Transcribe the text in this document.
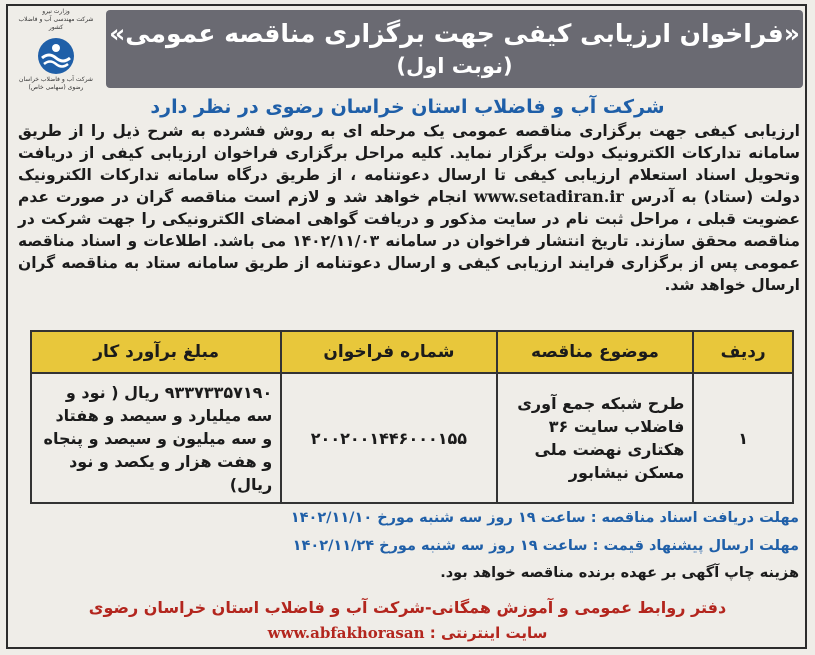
وزارت نیرو
شرکت مهندسی آب و فاضلاب کشور
شرکت آب و فاضلاب خراسان رضوی (سهامی خاص)
«فراخوان ارزیابی کیفی جهت برگزاری مناقصه عمومی»
(نوبت اول)
شرکت آب و فاضلاب استان خراسان رضوی در نظر دارد
ارزیابی کیفی جهت برگزاری مناقصه عمومی یک مرحله ای به روش فشرده به شرح ذیل را از طریق سامانه تدارکات الکترونیک دولت برگزار نماید. کلیه مراحل برگزاری فراخوان ارزیابی کیفی از دریافت وتحویل اسناد استعلام ارزیابی کیفی تا ارسال دعوتنامه ، از طریق درگاه سامانه تدارکات الکترونیک دولت (ستاد) به آدرس www.setadiran.ir انجام خواهد شد و لازم است مناقصه گران در صورت عدم عضویت قبلی ، مراحل ثبت نام در سایت مذکور و دریافت گواهی امضای الکترونیکی را جهت شرکت در مناقصه محقق سازند. تاریخ انتشار فراخوان در سامانه ۱۴۰۲/۱۱/۰۳ می باشد. اطلاعات و اسناد مناقصه عمومی پس از برگزاری فرایند ارزیابی کیفی و ارسال دعوتنامه از طریق سامانه ستاد به مناقصه گران ارسال خواهد شد.
ردیف	موضوع مناقصه	شماره فراخوان	مبلغ برآورد کار
۱	طرح شبکه جمع آوری فاضلاب سایت ۳۶ هکتاری نهضت ملی مسکن نیشابور	۲۰۰۲۰۰۱۴۴۶۰۰۰۱۵۵	۹۳۳۷۳۳۵۷۱۹۰ ریال ( نود و سه میلیارد و سیصد و هفتاد و سه میلیون و سیصد و پنجاه و هفت هزار و یکصد و نود ریال)
مهلت دریافت اسناد مناقصه : ساعت ۱۹ روز سه شنبه مورخ ۱۴۰۲/۱۱/۱۰
مهلت ارسال پیشنهاد قیمت : ساعت ۱۹ روز سه شنبه مورخ ۱۴۰۲/۱۱/۲۴
هزینه چاپ آگهی بر عهده برنده مناقصه خواهد بود.
دفتر روابط عمومی و آموزش همگانی-شرکت آب و فاضلاب استان خراسان رضوی
سایت اینترنتی : www.abfakhorasan
